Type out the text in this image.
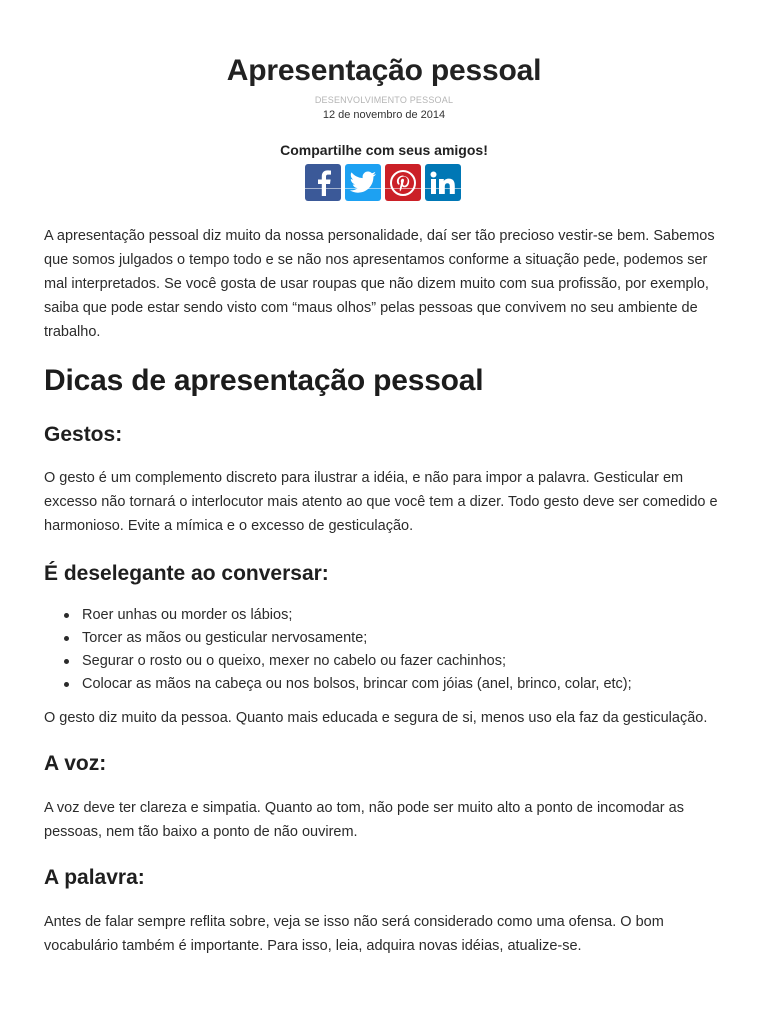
Apresentação pessoal
DESENVOLVIMENTO PESSOAL
12 de novembro de 2014
Compartilhe com seus amigos!

A apresentação pessoal diz muito da nossa personalidade, daí ser tão precioso vestir-se bem. Sabemos que somos julgados o tempo todo e se não nos apresentamos conforme a situação pede, podemos ser mal interpretados. Se você gosta de usar roupas que não dizem muito com sua profissão, por exemplo, saiba que pode estar sendo visto com “maus olhos” pelas pessoas que convivem no seu ambiente de trabalho.

Dicas de apresentação pessoal
Gestos:

O gesto é um complemento discreto para ilustrar a idéia, e não para impor a palavra. Gesticular em excesso não tornará o interlocutor mais atento ao que você tem a dizer. Todo gesto deve ser comedido e harmonioso. Evite a mímica e o excesso de gesticulação.

É deselegante ao conversar:
Roer unhas ou morder os lábios;
Torcer as mãos ou gesticular nervosamente;
Segurar o rosto ou o queixo, mexer no cabelo ou fazer cachinhos;
Colocar as mãos na cabeça ou nos bolsos, brincar com jóias (anel, brinco, colar, etc);

O gesto diz muito da pessoa. Quanto mais educada e segura de si, menos uso ela faz da gesticulação.

A voz:

A voz deve ter clareza e simpatia. Quanto ao tom, não pode ser muito alto a ponto de incomodar as pessoas, nem tão baixo a ponto de não ouvirem.

A palavra:

Antes de falar sempre reflita sobre, veja se isso não será considerado como uma ofensa. O bom vocabulário também é importante. Para isso, leia, adquira novas idéias, atualize-se.
